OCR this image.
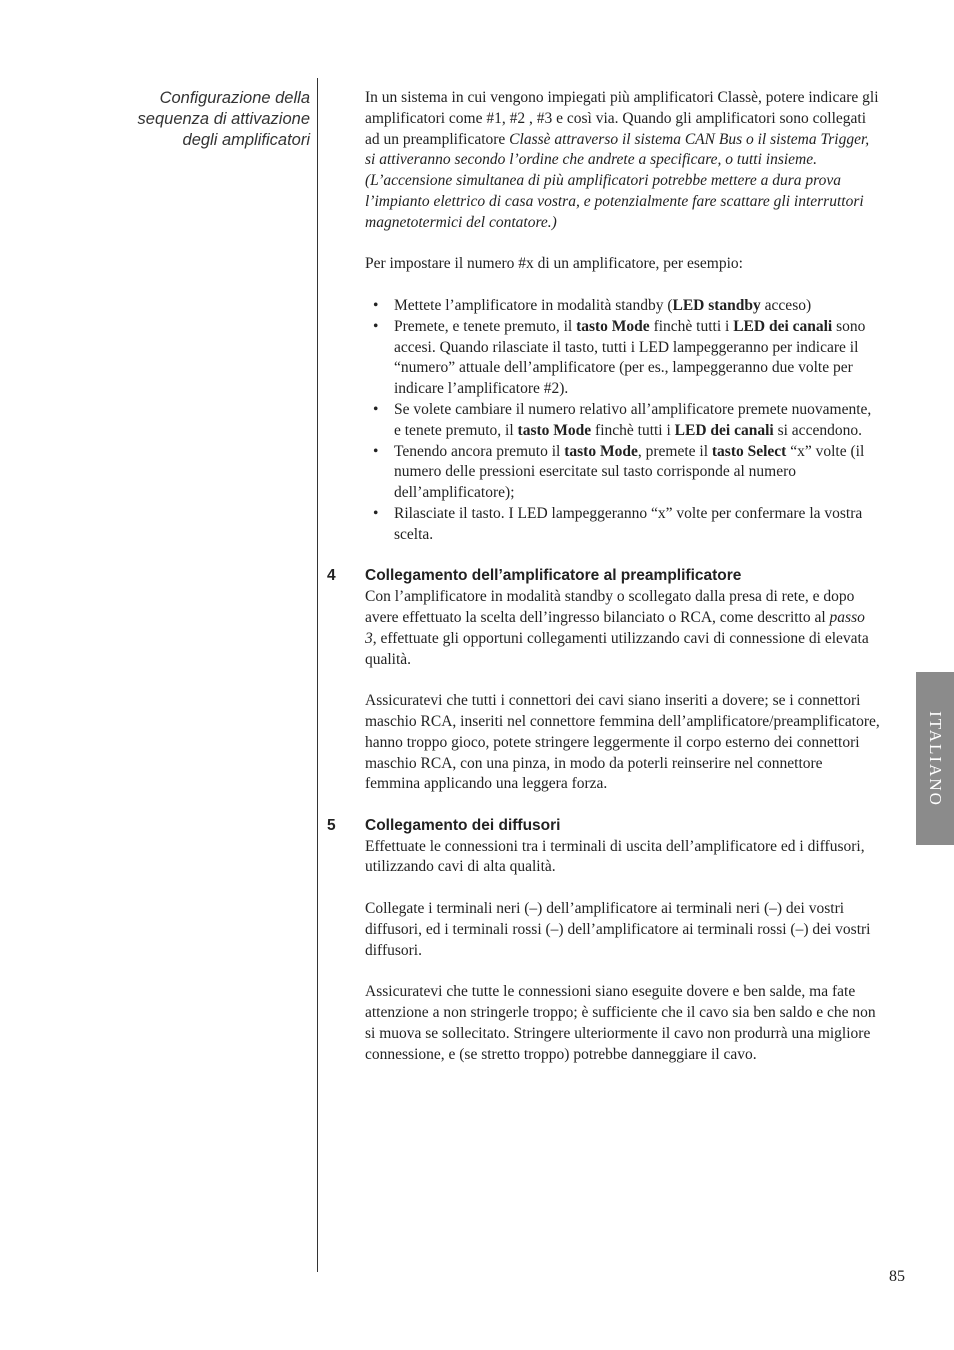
Configurazione della
sequenza di attivazione
degli amplificatori

In un sistema in cui vengono impiegati più amplificatori Classè, potere indicare gli amplificatori come #1, #2 , #3 e così via. Quando gli amplificatori sono collegati ad un preamplificatore Classè attraverso il sistema CAN Bus o il sistema Trigger, si attiveranno secondo l’ordine che andrete a specificare, o tutti insieme. (L’accensione simultanea di più amplificatori potrebbe mettere a dura prova l’impianto elettrico di casa vostra, e potenzialmente fare scattare gli interruttori magnetotermici del contatore.)

Per impostare il numero #x di un amplificatore, per esempio:

• Mettete l’amplificatore in modalità standby (LED standby acceso)
• Premete, e tenete premuto, il tasto Mode finchè tutti i LED dei canali sono accesi. Quando rilasciate il tasto, tutti i LED lampeggeranno per indicare il “numero” attuale dell’amplificatore (per es., lampeggeranno due volte per indicare l’amplificatore #2).
• Se volete cambiare il numero relativo all’amplificatore premete nuovamente, e tenete premuto, il tasto Mode finchè tutti i LED dei canali si accendono.
• Tenendo ancora premuto il tasto Mode, premete il tasto Select “x” volte (il numero delle pressioni esercitate sul tasto corrisponde al numero dell’amplificatore);
• Rilasciate il tasto. I LED lampeggeranno “x” volte per confermare la vostra scelta.
4 Collegamento dell’amplificatore al preamplificatore

Con l’amplificatore in modalità standby o scollegato dalla presa di rete, e dopo avere effettuato la scelta dell’ingresso bilanciato o RCA, come descritto al passo 3, effettuate gli opportuni collegamenti utilizzando cavi di connessione di elevata qualità.

Assicuratevi che tutti i connettori dei cavi siano inseriti a dovere; se i connettori maschio RCA, inseriti nel connettore femmina dell’amplificatore/preamplificatore, hanno troppo gioco, potete stringere leggermente il corpo esterno dei connettori maschio RCA, con una pinza, in modo da poterli reinserire nel connettore femmina applicando una leggera forza.

5 Collegamento dei diffusori

Effettuate le connessioni tra i terminali di uscita dell’amplificatore ed i diffusori, utilizzando cavi di alta qualità.

Collegate i terminali neri (–) dell’amplificatore ai terminali neri (–) dei vostri diffusori, ed i terminali rossi (–) dell’amplificatore ai terminali rossi (–) dei vostri diffusori.

Assicuratevi che tutte le connessioni siano eseguite dovere e ben salde, ma fate attenzione a non stringerle troppo; è sufficiente che il cavo sia ben saldo e che non si muova se sollecitato. Stringere ulteriormente il cavo non produrrà una migliore connessione, e (se stretto troppo) potrebbe danneggiare il cavo.

ITALIANO
85
